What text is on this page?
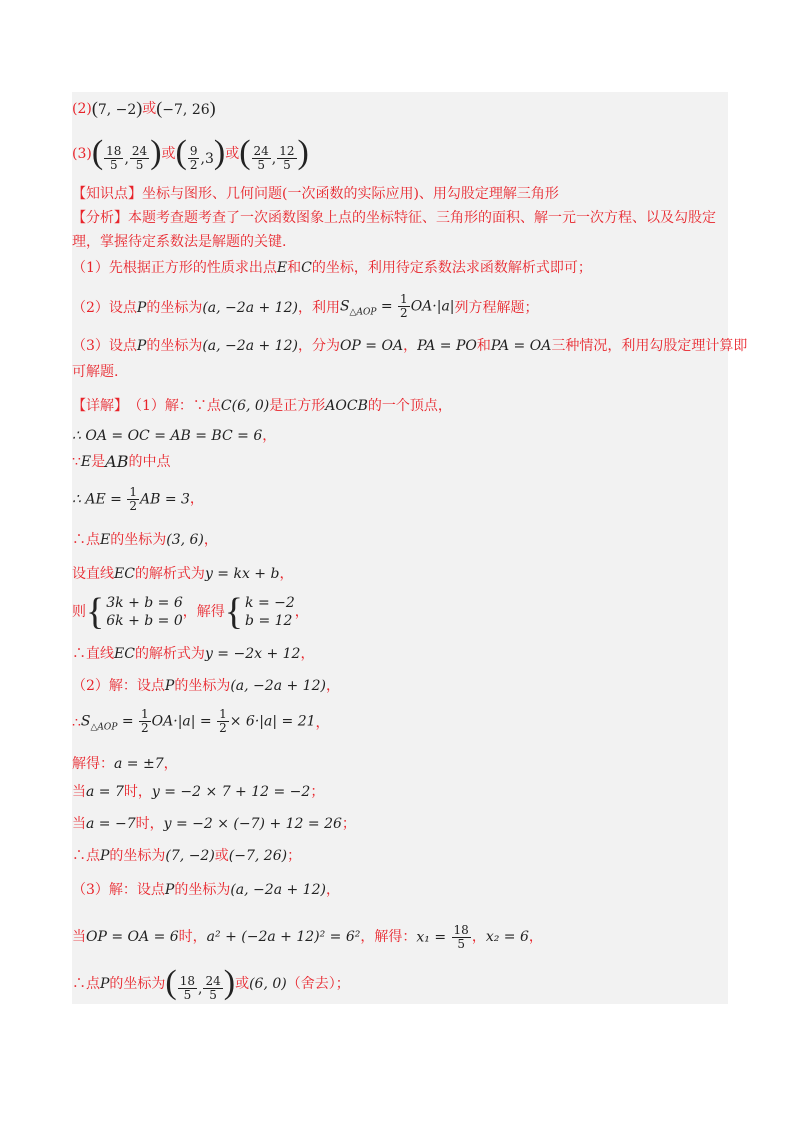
(2) (7, −2) 或 (−7, 26)
(3) ( $\frac{18}{5}$ , $\frac{24}{5}$ ) 或 ( $\frac{9}{2} ,3$) 或 ( $\frac{24}{5}$ , $\frac{12}{5}$ )
【知识点】 坐标与图形、几何问题(一次函数的实际应用)、用勾股定理解三角形
【分析】 本题考查题考查了一次函数图象上点的坐标特征、三角形的面积、解一元一次方程、以及勾股定
理，掌握待定系数法是解题的关键.
（1）先根据正方形的性质求出点 E 和 C 的坐标，利用待定系数法求函数解析式即可；
（2）设点 P 的坐标为 (a, −2a + 12) ，利用 $S_{\triangle AOP} = \frac{1}{2} OA\cdot|a|$ 列方程解题；
（3）设点 P 的坐标为 (a, −2a + 12) ，分为 OP = OA ， PA = PO 和 PA = OA 三种情况，利用勾股定理计算即
可解题.
【详解】 （1）解：∵点 C(6, 0) 是正方形 AOCB 的一个顶点，
∴ OA = OC = AB = BC = 6 ，
∵ E 是 AB 的中点
∴ AE = $\frac{1}{2}$ AB = 3 ，
∴点 E 的坐标为 (3, 6) ，
设直线 EC 的解析式为 y = kx + b ，
则 { 3k + b = 6
6k + b = 0
，解得 { k = −2
b = 12
，
∴直线 EC 的解析式为 y = −2x + 12 ，
（2）解：设点 P 的坐标为 (a, −2a + 12) ，
∴ $S_{\triangle AOP} = \frac{1}{2} OA\cdot|a| = \frac{1}{2} \times 6\cdot|a| = 21$ ，
解得： a = ±7 ，
当 a = 7 时， y = −2 × 7 + 12 = −2 ；
当 a = −7 时， y = −2 × (−7) + 12 = 26 ；
∴点 P 的坐标为 (7, −2) 或 (−7, 26) ；
（3）解：设点 P 的坐标为 (a, −2a + 12) ，
当 OP = OA = 6 时， a² + (−2a + 12)² = 6² ，解得： $x_1 = \frac{18}{5}$ ， x₂ = 6 ，
∴点 P 的坐标为 ( $\frac{18}{5}$ , $\frac{24}{5}$ ) 或 (6, 0) （舍去）；
